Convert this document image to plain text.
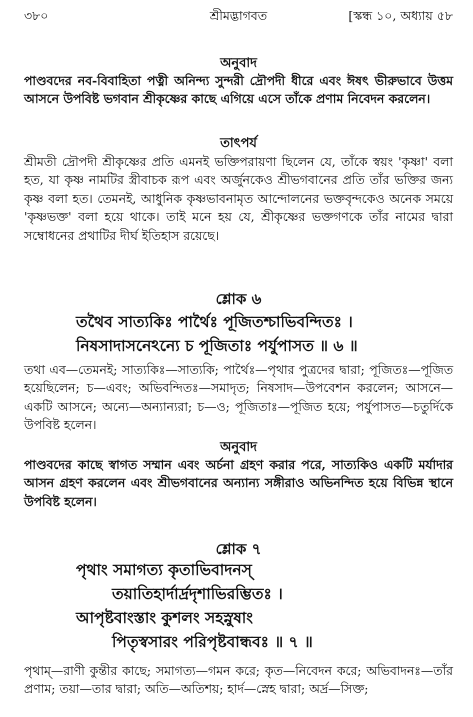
৩৮০	শ্রীমদ্ভাগবত	[স্কন্ধ ১০, অধ্যায় ৫৮
অনুবাদ
পাণ্ডবদের নব-বিবাহিতা পত্নী অনিন্দ্য সুন্দরী দ্রৌপদী ধীরে এবং ঈষৎ ভীরুভাবে উত্তম আসনে উপবিষ্ট ভগবান শ্রীকৃষ্ণের কাছে এগিয়ে এসে তাঁকে প্রণাম নিবেদন করলেন।
তাৎপর্য
শ্রীমতী দ্রৌপদী শ্রীকৃষ্ণের প্রতি এমনই ভক্তিপরায়ণা ছিলেন যে, তাঁকে স্বয়ং 'কৃষ্ণা' বলা হত, যা কৃষ্ণ নামটির স্ত্রীবাচক রূপ এবং অর্জুনকেও শ্রীভগবানের প্রতি তাঁর ভক্তির জন্য কৃষ্ণ বলা হত। তেমনই, আধুনিক কৃষ্ণভাবনামৃত আন্দোলনের ভক্তবৃন্দকেও অনেক সময়ে 'কৃষ্ণভক্ত' বলা হয়ে থাকে। তাই মনে হয় যে, শ্রীকৃষ্ণের ভক্তগণকে তাঁর নামের দ্বারা সম্বোধনের প্রথাটির দীর্ঘ ইতিহাস রয়েছে।
শ্লোক ৬
তথৈব সাত্যকিঃ পার্থৈঃ পূজিতশ্চাভিবন্দিতঃ ।
নিষসাদাসনেঽন্যে চ পূজিতাঃ পর্যুপাসত ॥ ৬ ॥
তথা এব—তেমনই; সাত্যকিঃ—সাত্যকি; পার্থৈঃ—পৃথার পুত্রদের দ্বারা; পূজিতঃ—পূজিত হয়েছিলেন; চ—এবং; অভিবন্দিতঃ—সমাদৃত; নিষসাদ—উপবেশন করলেন; আসনে—একটি আসনে; অন্যে—অন্যান্যরা; চ—ও; পূজিতাঃ—পূজিত হয়ে; পর্যুপাসত—চতুর্দিকে উপবিষ্ট হলেন।
অনুবাদ
পাণ্ডবদের কাছে স্বাগত সম্মান এবং অর্চনা গ্রহণ করার পরে, সাত্যকিও একটি মর্যাদার আসন গ্রহণ করলেন এবং শ্রীভগবানের অন্যান্য সঙ্গীরাও অভিনন্দিত হয়ে বিভিন্ন স্থানে উপবিষ্ট হলেন।
শ্লোক ৭
পৃথাং সমাগত্য কৃতাভিবাদনস্
তয়াতিহার্দার্দ্রদৃশাভিরম্ভিতঃ ।
আপৃষ্টবাংস্তাং কুশলং সহস্নুষাং
পিতৃস্বসারং পরিপৃষ্টবান্ধবঃ ॥ ৭ ॥
পৃথাম্—রাণী কুন্তীর কাছে; সমাগত্য—গমন করে; কৃত—নিবেদন করে; অভিবাদনঃ—তাঁর প্রণাম; তয়া—তার দ্বারা; অতি—অতিশয়; হার্দ—স্নেহ দ্বারা; অর্দ্র—সিক্ত;
